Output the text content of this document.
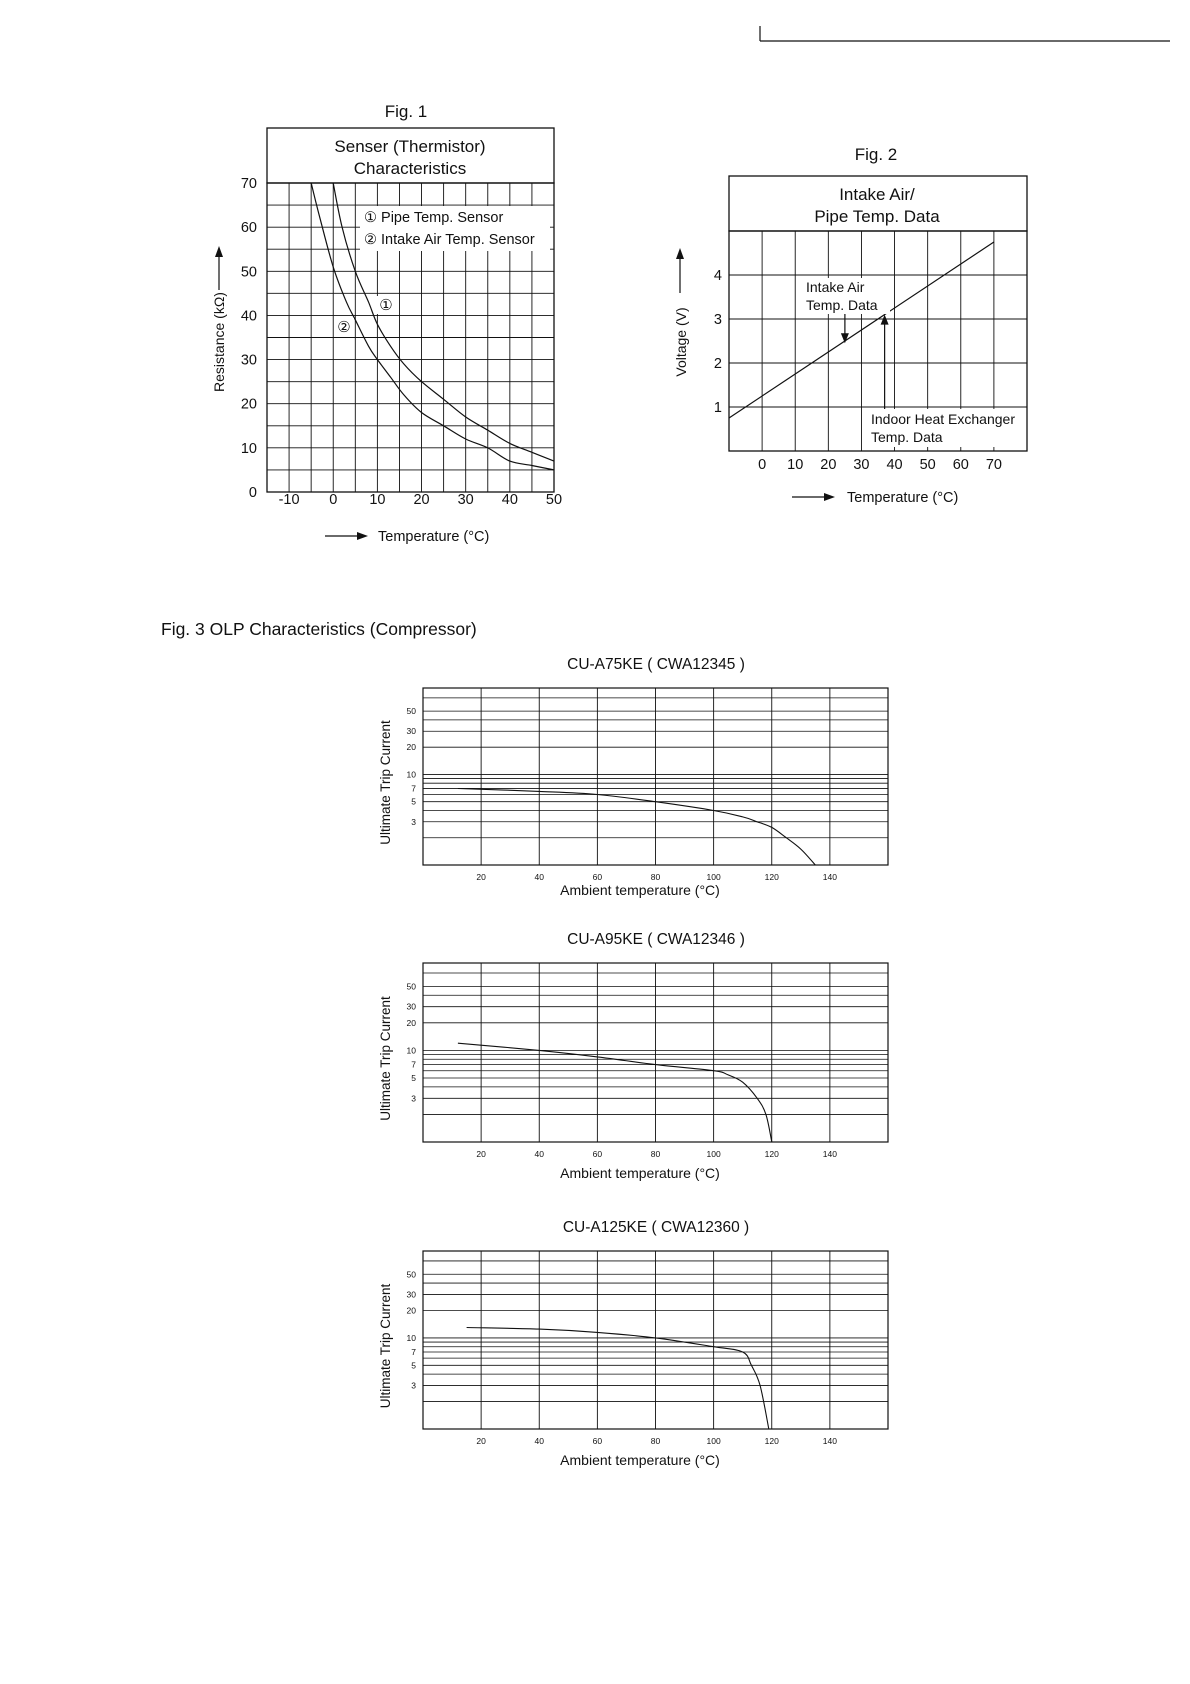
Fig. 1
Senser (Thermistor)
Characteristics
0
10
20
30
40
50
60
70
-10 0 10 20 30 40 50
① Pipe Temp. Sensor
② Intake Air Temp. Sensor
①
②
Resistance (kΩ)
Temperature (°C)
Fig. 2
Intake Air/
Pipe Temp. Data
1
2
3
4
0 10 20 30 40 50 60 70
Intake Air
Temp. Data
Indoor Heat Exchanger
Temp. Data
Voltage (V)
Temperature (°C)
Fig. 3 OLP Characteristics (Compressor)
CU-A75KE ( CWA12345 )
3
5
7
10
20
30
50
20	40	60	80	100	120	140
Ambient temperature (°C)
Ultimate Trip Current
CU-A95KE ( CWA12346 )
3
5
7
10
20
30
50
20	40	60	80	100	120	140
Ambient temperature (°C)
Ultimate Trip Current
CU-A125KE ( CWA12360 )
3
5
7
10
20
30
50
20	40	60	80	100	120	140
Ambient temperature (°C)
Ultimate Trip Current
